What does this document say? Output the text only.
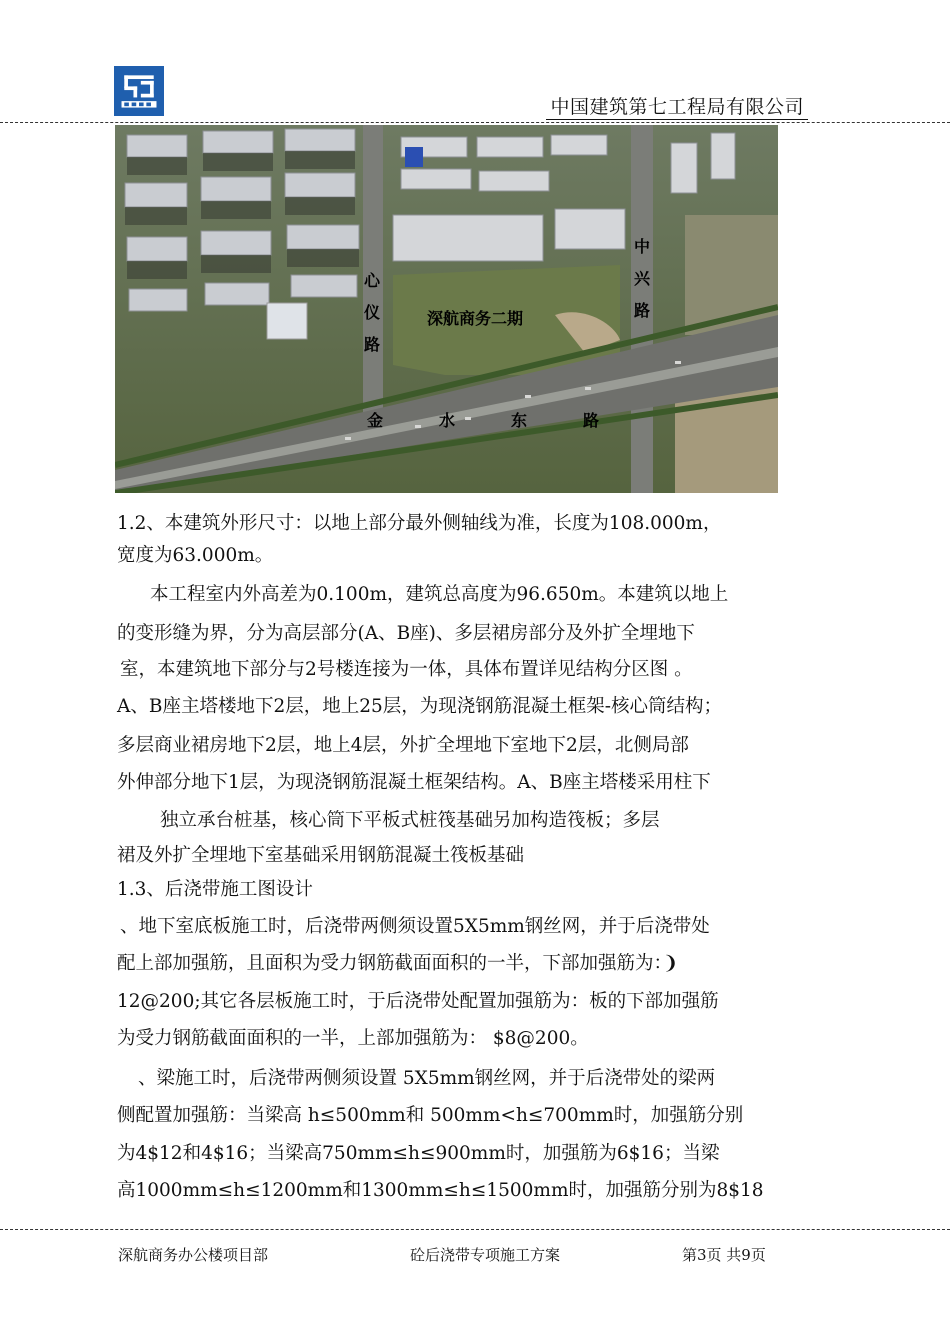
中国建筑第七工程局有限公司
深航商务二期
心仪路
中兴路
金水东路
1.2、本建筑外形尺寸：以地上部分最外侧轴线为准，长度为108.000m，
宽度为63.000m。
本工程室内外高差为0.100m，建筑总高度为96.650m。本建筑以地上
的变形缝为界，分为高层部分(A、B座)、多层裙房部分及外扩全埋地下
室，本建筑地下部分与2号楼连接为一体，具体布置详见结构分区图 。
A、B座主塔楼地下2层，地上25层，为现浇钢筋混凝土框架-核心筒结构；
多层商业裙房地下2层，地上4层，外扩全埋地下室地下2层，北侧局部
外伸部分地下1层，为现浇钢筋混凝土框架结构。A、B座主塔楼采用柱下
独立承台桩基，核心筒下平板式桩筏基础另加构造筏板；多层
裙及外扩全埋地下室基础采用钢筋混凝土筏板基础
1.3、后浇带施工图设计
、地下室底板施工时，后浇带两侧须设置5X5mm钢丝网，并于后浇带处
配上部加强筋，且面积为受力钢筋截面面积的一半，下部加强筋为：❩
12@200;其它各层板施工时，于后浇带处配置加强筋为：板的下部加强筋
为受力钢筋截面面积的一半，上部加强筋为： $8@200。
、梁施工时，后浇带两侧须设置 5X5mm钢丝网，并于后浇带处的梁两
侧配置加强筋：当梁高 h≤500mm和 500mm<h≤700mm时，加强筋分别
为4$12和4$16；当梁高750mm≤h≤900mm时，加强筋为6$16；当梁
高1000mm≤h≤1200mm和1300mm≤h≤1500mm时，加强筋分别为8$18
深航商务办公楼项目部	砼后浇带专项施工方案	第3页 共9页
